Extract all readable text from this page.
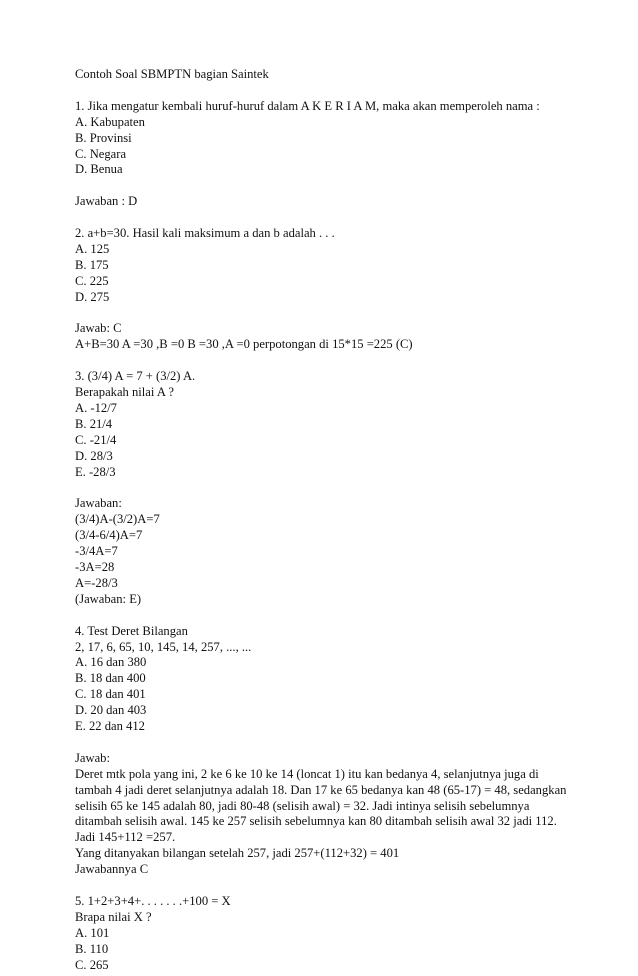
Contoh Soal SBMPTN bagian Saintek
1. Jika mengatur kembali huruf-huruf dalam A K E R I A M, maka akan memperoleh nama :
A. Kabupaten
B. Provinsi
C. Negara
D. Benua
Jawaban : D
2. a+b=30. Hasil kali maksimum a dan b adalah . . .
A. 125
B. 175
C. 225
D. 275
Jawab: C
A+B=30 A =30 ,B =0 B =30 ,A =0 perpotongan di 15*15 =225 (C)
3. (3/4) A = 7 + (3/2) A.
Berapakah nilai A ?
A. -12/7
B. 21/4
C. -21/4
D. 28/3
E. -28/3
Jawaban:
(3/4)A-(3/2)A=7
(3/4-6/4)A=7
-3/4A=7
-3A=28
A=-28/3
(Jawaban: E)
4. Test Deret Bilangan
2, 17, 6, 65, 10, 145, 14, 257, ..., ...
A. 16 dan 380
B. 18 dan 400
C. 18 dan 401
D. 20 dan 403
E. 22 dan 412
Jawab:
Deret mtk pola yang ini, 2 ke 6 ke 10 ke 14 (loncat 1) itu kan bedanya 4, selanjutnya juga di
tambah 4 jadi deret selanjutnya adalah 18. Dan 17 ke 65 bedanya kan 48 (65-17) = 48, sedangkan
selisih 65 ke 145 adalah 80, jadi 80-48 (selisih awal) = 32. Jadi intinya selisih sebelumnya
ditambah selisih awal. 145 ke 257 selisih sebelumnya kan 80 ditambah selisih awal 32 jadi 112.
Jadi 145+112 =257.
Yang ditanyakan bilangan setelah 257, jadi 257+(112+32) = 401
Jawabannya C
5. 1+2+3+4+. . . . . . .+100 = X
Brapa nilai X ?
A. 101
B. 110
C. 265
